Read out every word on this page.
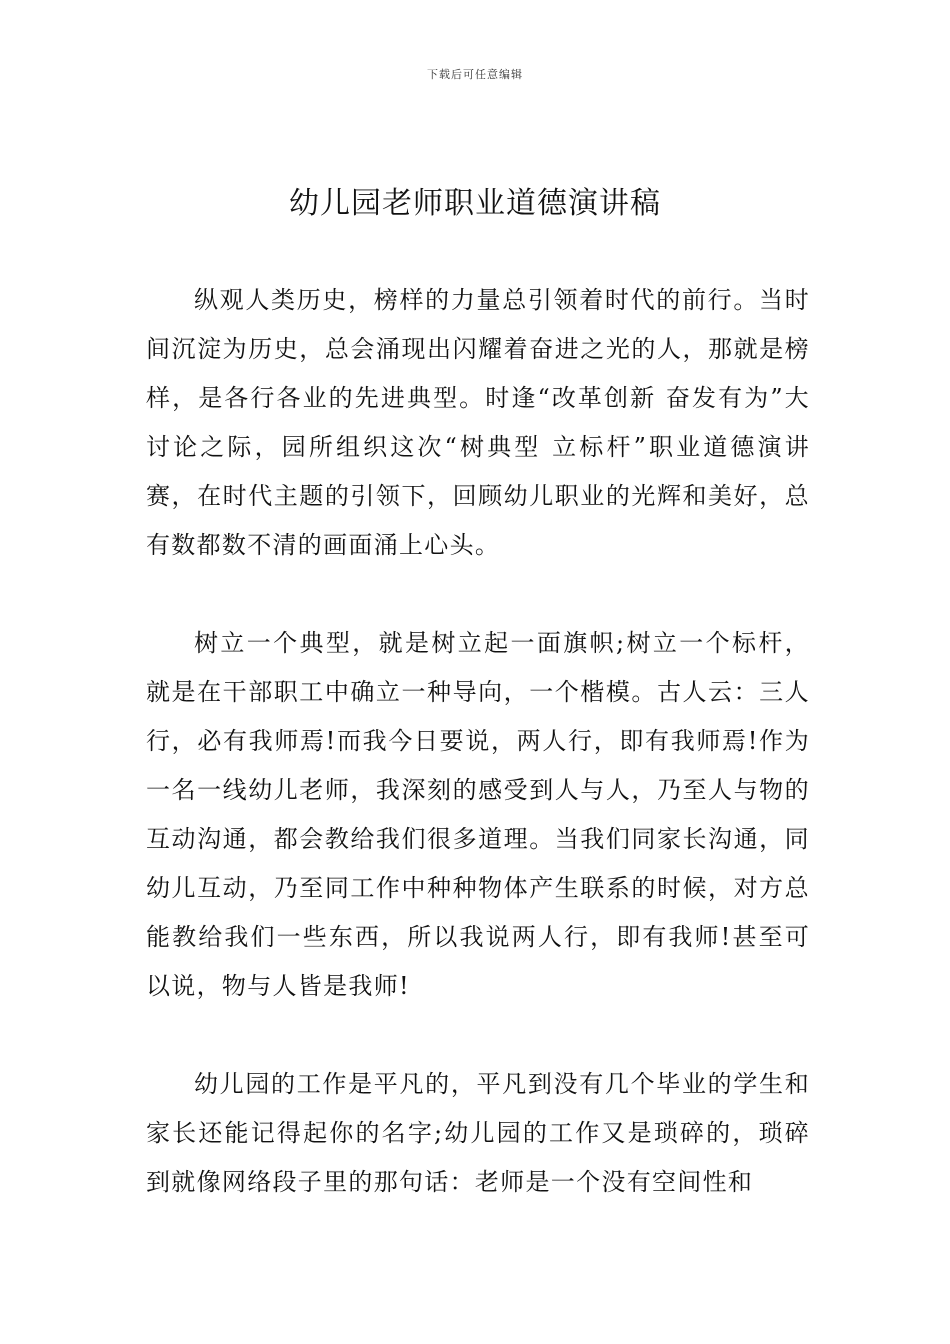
下载后可任意编辑
幼儿园老师职业道德演讲稿

纵观人类历史，榜样的力量总引领着时代的前行。当时间沉淀为历史，总会涌现出闪耀着奋进之光的人，那就是榜样，是各行各业的先进典型。时逢“改革创新 奋发有为”大讨论之际，园所组织这次“树典型 立标杆”职业道德演讲赛，在时代主题的引领下，回顾幼儿职业的光辉和美好，总有数都数不清的画面涌上心头。

树立一个典型，就是树立起一面旗帜;树立一个标杆，就是在干部职工中确立一种导向，一个楷模。古人云：三人行，必有我师焉!而我今日要说，两人行，即有我师焉!作为一名一线幼儿老师，我深刻的感受到人与人，乃至人与物的互动沟通，都会教给我们很多道理。当我们同家长沟通，同幼儿互动，乃至同工作中种种物体产生联系的时候，对方总能教给我们一些东西，所以我说两人行，即有我师!甚至可以说，物与人皆是我师!

幼儿园的工作是平凡的，平凡到没有几个毕业的学生和家长还能记得起你的名字;幼儿园的工作又是琐碎的，琐碎到就像网络段子里的那句话：老师是一个没有空间性和
